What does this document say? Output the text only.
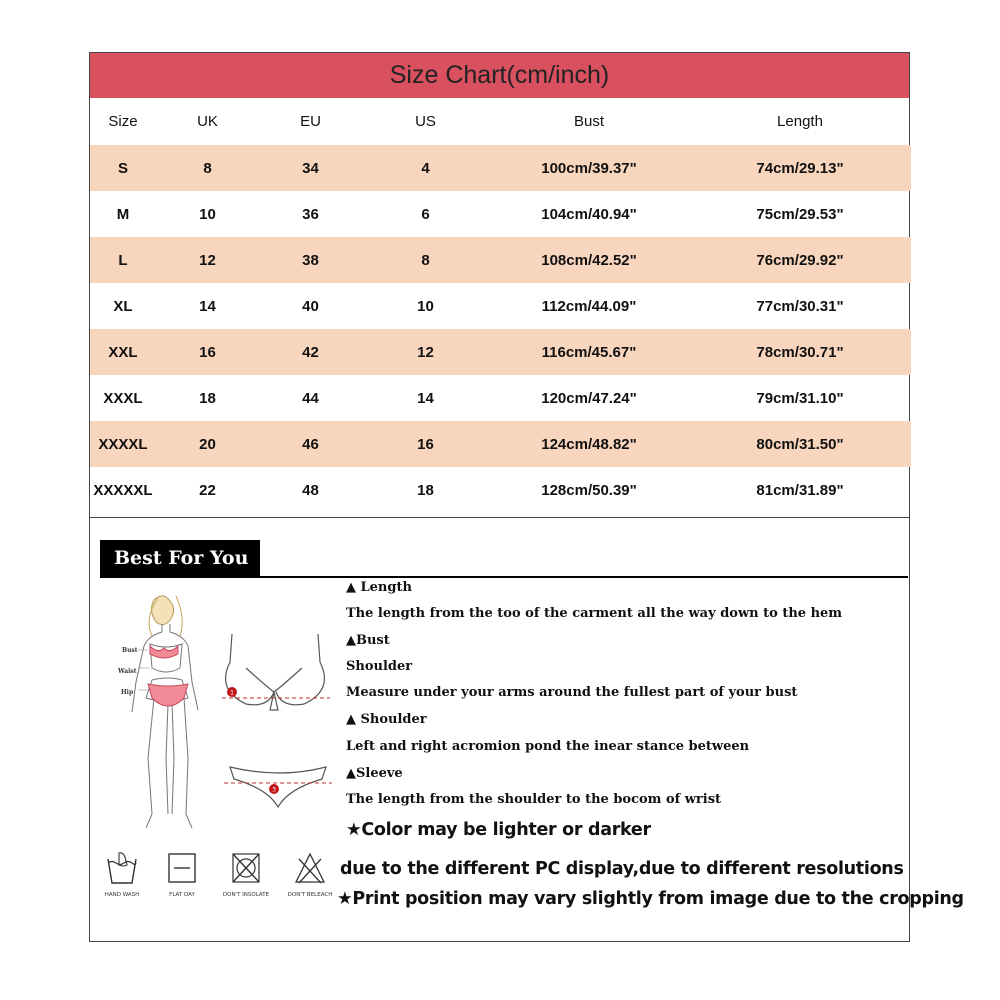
Size Chart(cm/inch)
Size	UK	EU	US	Bust	Length
S	8	34	4	100cm/39.37"	74cm/29.13"
M	10	36	6	104cm/40.94"	75cm/29.53"
L	12	38	8	108cm/42.52"	76cm/29.92"
XL	14	40	10	112cm/44.09"	77cm/30.31"
XXL	16	42	12	116cm/45.67"	78cm/30.71"
XXXL	18	44	14	120cm/47.24"	79cm/31.10"
XXXXL	20	46	16	124cm/48.82"	80cm/31.50"
XXXXXL	22	48	18	128cm/50.39"	81cm/31.89"
Best For You
Bust
Waist
Hip	1
3
HAND WASH	FLAT DAY	DON'T INSOLATE	DON'T BELEACH
▲ Length
The length from the too of the carment all the way down to the hem
▲Bust
Shoulder
Measure under your arms around the fullest part of your bust
▲ Shoulder
Left and right acromion pond the inear stance between
▲Sleeve
The length from the shoulder to the bocom of wrist
★Color may be lighter or darker
due to the different PC display,due to different resolutions
★Print position may vary slightly from image due to the cropping
